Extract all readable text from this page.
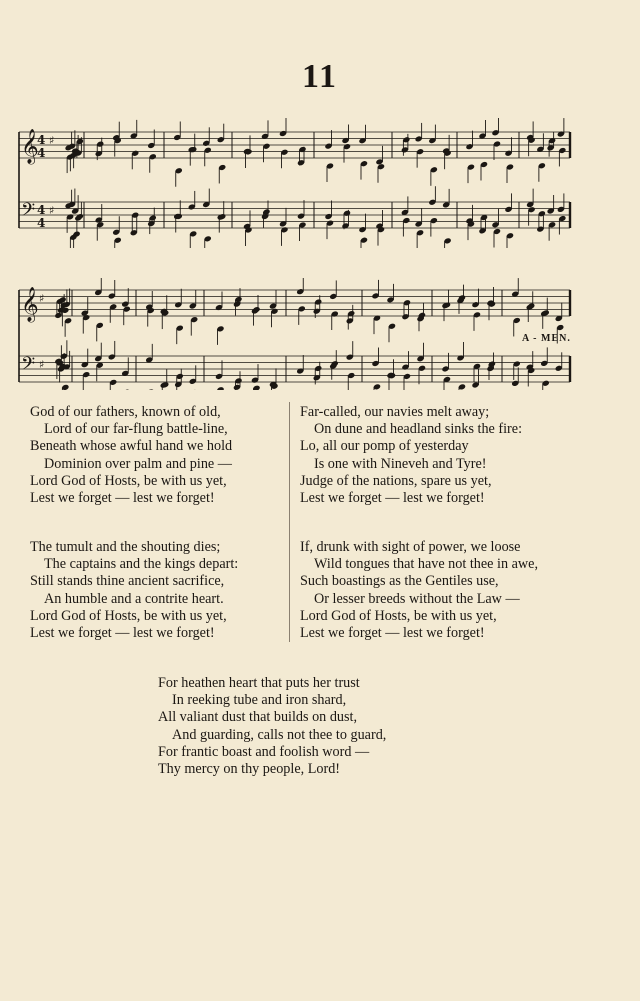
11
𝄞
4
4
♯
𝄢 4
4
♯
𝄞 ♯
𝄢 ♯
A - MEN.
God of our fathers, known of old,
Lord of our far-flung battle-line,
Beneath whose awful hand we hold
Dominion over palm and pine —
Lord God of Hosts, be with us yet,
Lest we forget — lest we forget!
Far-called, our navies melt away;
On dune and headland sinks the fire:
Lo, all our pomp of yesterday
Is one with Nineveh and Tyre!
Judge of the nations, spare us yet,
Lest we forget — lest we forget!
The tumult and the shouting dies;
The captains and the kings depart:
Still stands thine ancient sacrifice,
An humble and a contrite heart.
Lord God of Hosts, be with us yet,
Lest we forget — lest we forget!
If, drunk with sight of power, we loose
Wild tongues that have not thee in awe,
Such boastings as the Gentiles use,
Or lesser breeds without the Law —
Lord God of Hosts, be with us yet,
Lest we forget — lest we forget!
For heathen heart that puts her trust
In reeking tube and iron shard,
All valiant dust that builds on dust,
And guarding, calls not thee to guard,
For frantic boast and foolish word —
Thy mercy on thy people, Lord!
